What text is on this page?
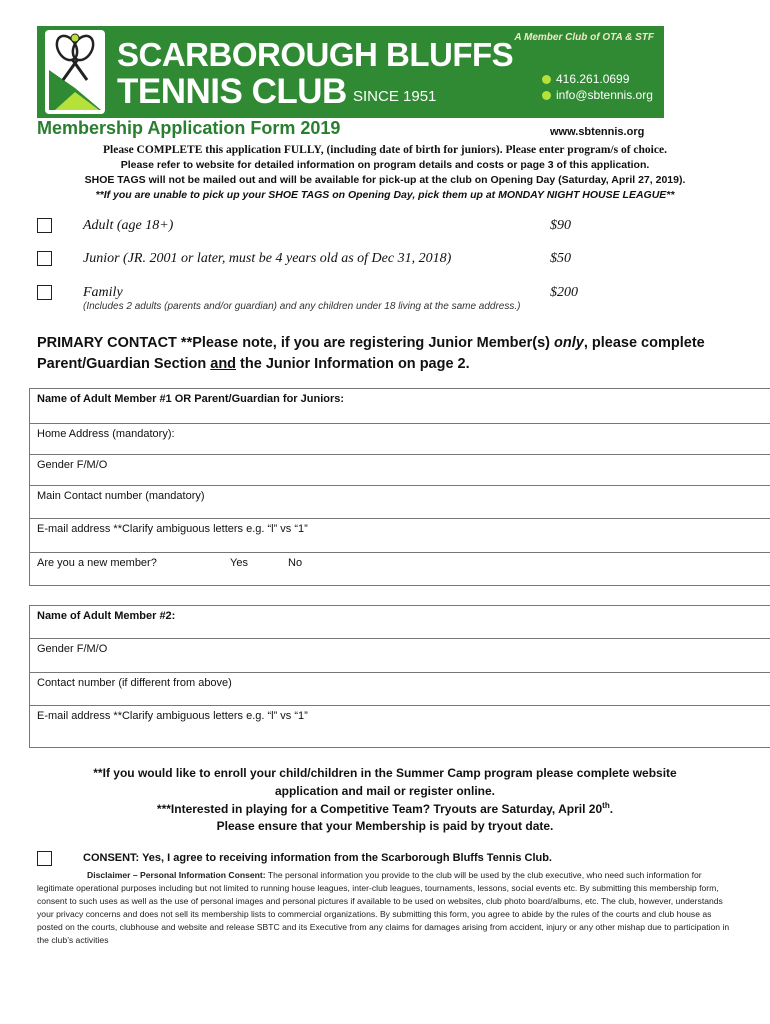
SCARBOROUGH BLUFFS
TENNIS CLUB SINCE 1951
A Member Club of OTA & STF
416.261.0699
info@sbtennis.org
Membership Application Form 2019	www.sbtennis.org
Please COMPLETE this application FULLY, (including date of birth for juniors). Please enter program/s of choice.
Please refer to website for detailed information on program details and costs or page 3 of this application.
SHOE TAGS will not be mailed out and will be available for pick-up at the club on Opening Day (Saturday, April 27, 2019).
**If you are unable to pick up your SHOE TAGS on Opening Day, pick them up at MONDAY NIGHT HOUSE LEAGUE**
Adult (age 18+)	$90
Junior (JR. 2001 or later, must be 4 years old as of Dec 31, 2018)	$50
Family	$200
(Includes 2 adults (parents and/or guardian) and any children under 18 living at the same address.)
PRIMARY CONTACT **Please note, if you are registering Junior Member(s) only, please complete Parent/Guardian Section and the Junior Information on page 2.
Name of Adult Member #1 OR Parent/Guardian for Juniors:
Home Address (mandatory):
Gender F/M/O
Main Contact number (mandatory)
E-mail address **Clarify ambiguous letters e.g. “l” vs “1”
Are you a new member?	Yes	No
Name of Adult Member #2:
Gender F/M/O
Contact number (if different from above)
E-mail address **Clarify ambiguous letters e.g. “l” vs “1”
**If you would like to enroll your child/children in the Summer Camp program please complete website
application and mail or register online.
***Interested in playing for a Competitive Team? Tryouts are Saturday, April 20th.
Please ensure that your Membership is paid by tryout date.
CONSENT: Yes, I agree to receiving information from the Scarborough Bluffs Tennis Club.
Disclaimer – Personal Information Consent: The personal information you provide to the club will be used by the club executive, who need such information for legitimate operational purposes including but not limited to running house leagues, inter-club leagues, tournaments, lessons, social events etc. By submitting this membership form, consent to such uses as well as the use of personal images and personal pictures if available to be used on websites, club photo board/albums, etc. The club, however, understands your privacy concerns and does not sell its membership lists to commercial organizations. By submitting this form, you agree to abide by the rules of the courts and club house as posted on the courts, clubhouse and website and release SBTC and its Executive from any claims for damages arising from accident, injury or any other mishap due to participation in the club’s activities
